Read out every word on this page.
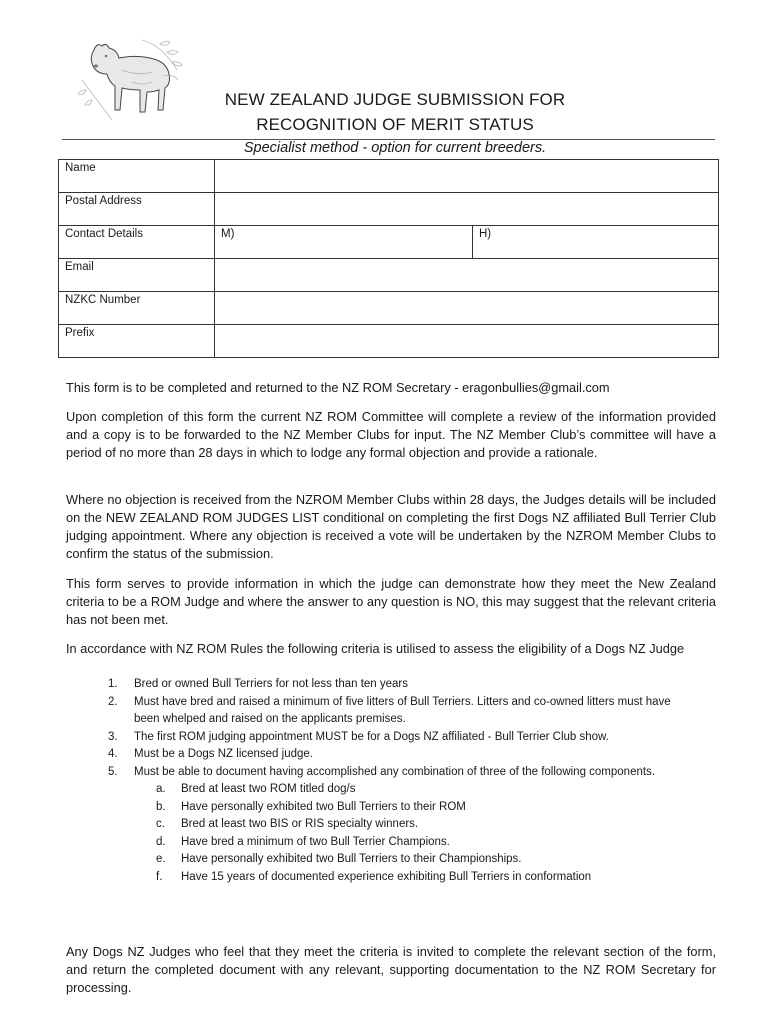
NEW ZEALAND JUDGE SUBMISSION FOR
RECOGNITION OF MERIT STATUS
Specialist method - option for current breeders.
Name		
Postal Address		
Contact Details	M)	H)
Email		
NZKC Number		
Prefix		
This form is to be completed and returned to the NZ ROM Secretary - eragonbullies@gmail.com
Upon completion of this form the current NZ ROM Committee will complete a review of the information provided and a copy is to be forwarded to the NZ Member Clubs for input. The NZ Member Club’s committee will have a period of no more than 28 days in which to lodge any formal objection and provide a rationale.
Where no objection is received from the NZROM Member Clubs within 28 days, the Judges details will be included on the NEW ZEALAND ROM JUDGES LIST conditional on completing the first Dogs NZ affiliated Bull Terrier Club judging appointment. Where any objection is received a vote will be undertaken by the NZROM Member Clubs to confirm the status of the submission.
This form serves to provide information in which the judge can demonstrate how they meet the New Zealand criteria to be a ROM Judge and where the answer to any question is NO, this may suggest that the relevant criteria has not been met.
In accordance with NZ ROM Rules the following criteria is utilised to assess the eligibility of a Dogs NZ Judge
1. Bred or owned Bull Terriers for not less than ten years
2. Must have bred and raised a minimum of five litters of Bull Terriers. Litters and co-owned litters must have been whelped and raised on the applicants premises.
3. The first ROM judging appointment MUST be for a Dogs NZ affiliated - Bull Terrier Club show.
4. Must be a Dogs NZ licensed judge.
5. Must be able to document having accomplished any combination of three of the following components.
a. Bred at least two ROM titled dog/s
b. Have personally exhibited two Bull Terriers to their ROM
c. Bred at least two BIS or RIS specialty winners.
d. Have bred a minimum of two Bull Terrier Champions.
e. Have personally exhibited two Bull Terriers to their Championships.
f. Have 15 years of documented experience exhibiting Bull Terriers in conformation
Any Dogs NZ Judges who feel that they meet the criteria is invited to complete the relevant section of the form, and return the completed document with any relevant, supporting documentation to the NZ ROM Secretary for processing.
